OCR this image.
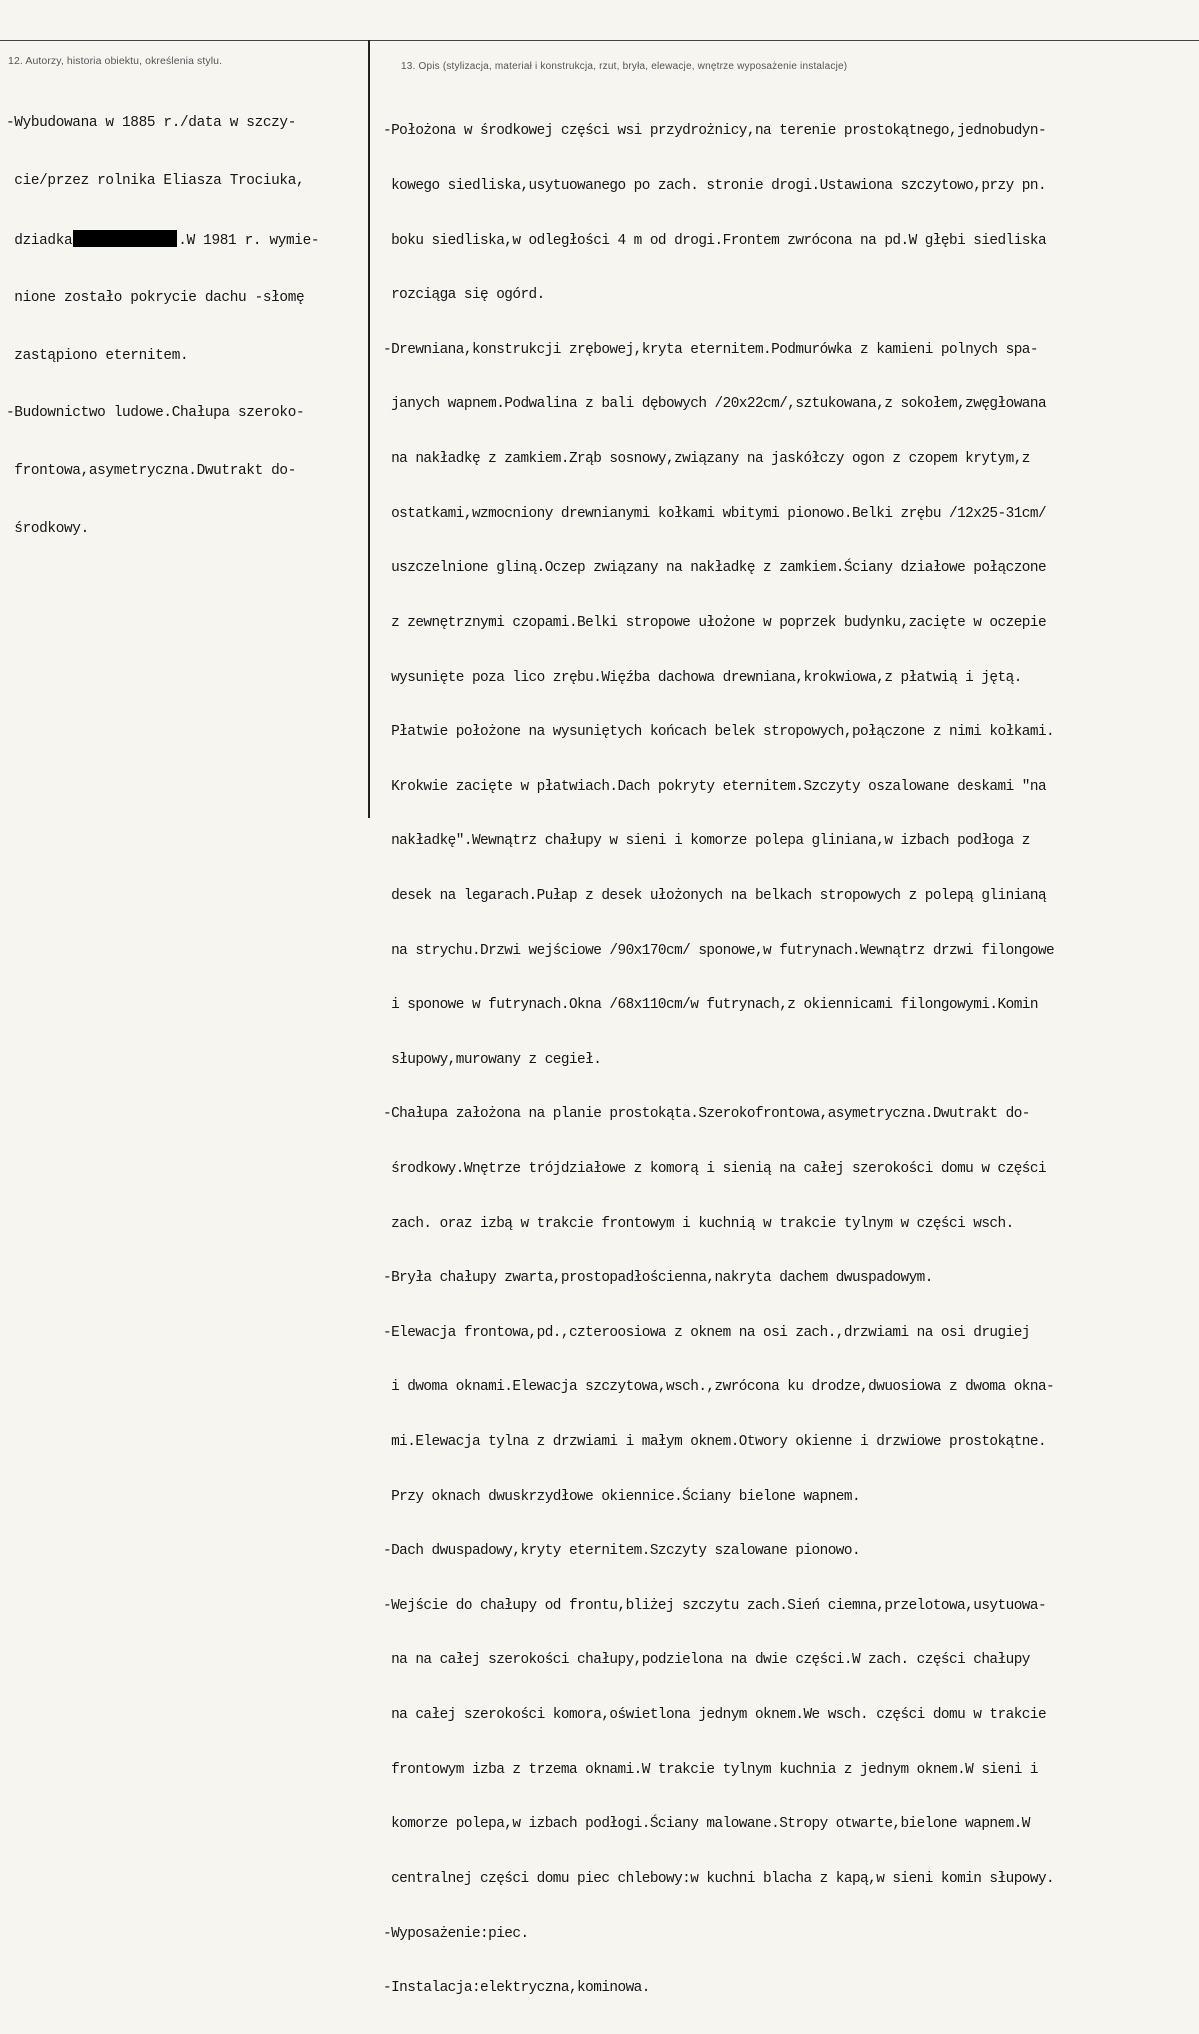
12. Autorzy, historia obiektu, określenia stylu.	13. Opis (stylizacja, materiał i konstrukcja, rzut, bryła, elewacje, wnętrze wyposażenie instalacje)

-Wybudowana w 1885 r./data w szczy-

cie/przez rolnika Eliasza Trociuka,

dziadka	.W 1981 r. wymie-

nione zostało pokrycie dachu -słomę

zastąpiono eternitem.

-Budownictwo ludowe.Chałupa szeroko-

frontowa,asymetryczna.Dwutrakt do-

środkowy.

-Położona w środkowej części wsi przydrożnicy,na terenie prostokątnego,jednobudyn-

kowego siedliska,usytuowanego po zach. stronie drogi.Ustawiona szczytowo,przy pn.

boku siedliska,w odległości 4 m od drogi.Frontem zwrócona na pd.W głębi siedliska

rozciąga się ogórd.

-Drewniana,konstrukcji zrębowej,kryta eternitem.Podmurówka z kamieni polnych spa-

janych wapnem.Podwalina z bali dębowych /20x22cm/,sztukowana,z sokołem,zwęgłowana

na nakładkę z zamkiem.Zrąb sosnowy,związany na jaskółczy ogon z czopem krytym,z

ostatkami,wzmocniony drewnianymi kołkami wbitymi pionowo.Belki zrębu /12x25-31cm/

uszczelnione gliną.Oczep związany na nakładkę z zamkiem.Ściany działowe połączone

z zewnętrznymi czopami.Belki stropowe ułożone w poprzek budynku,zacięte w oczepie

wysunięte poza lico zrębu.Więźba dachowa drewniana,krokwiowa,z płatwią i jętą.

Płatwie położone na wysuniętych końcach belek stropowych,połączone z nimi kołkami.

Krokwie zacięte w płatwiach.Dach pokryty eternitem.Szczyty oszalowane deskami "na

nakładkę".Wewnątrz chałupy w sieni i komorze polepa gliniana,w izbach podłoga z

desek na legarach.Pułap z desek ułożonych na belkach stropowych z polepą glinianą

na strychu.Drzwi wejściowe /90x170cm/ sponowe,w futrynach.Wewnątrz drzwi filongowe

i sponowe w futrynach.Okna /68x110cm/w futrynach,z okiennicami filongowymi.Komin

słupowy,murowany z cegieł.

-Chałupa założona na planie prostokąta.Szerokofrontowa,asymetryczna.Dwutrakt do-

środkowy.Wnętrze trójdziałowe z komorą i sienią na całej szerokości domu w części

zach. oraz izbą w trakcie frontowym i kuchnią w trakcie tylnym w części wsch.

-Bryła chałupy zwarta,prostopadłościenna,nakryta dachem dwuspadowym.

-Elewacja frontowa,pd.,czteroosiowa z oknem na osi zach.,drzwiami na osi drugiej

i dwoma oknami.Elewacja szczytowa,wsch.,zwrócona ku drodze,dwuosiowa z dwoma okna-

mi.Elewacja tylna z drzwiami i małym oknem.Otwory okienne i drzwiowe prostokątne.

Przy oknach dwuskrzydłowe okiennice.Ściany bielone wapnem.

-Dach dwuspadowy,kryty eternitem.Szczyty szalowane pionowo.

-Wejście do chałupy od frontu,bliżej szczytu zach.Sień ciemna,przelotowa,usytuowa-

na na całej szerokości chałupy,podzielona na dwie części.W zach. części chałupy

na całej szerokości komora,oświetlona jednym oknem.We wsch. części domu w trakcie

frontowym izba z trzema oknami.W trakcie tylnym kuchnia z jednym oknem.W sieni i

komorze polepa,w izbach podłogi.Ściany malowane.Stropy otwarte,bielone wapnem.W

centralnej części domu piec chlebowy:w kuchni blacha z kapą,w sieni komin słupowy.

-Wyposażenie:piec.

-Instalacja:elektryczna,kominowa.
